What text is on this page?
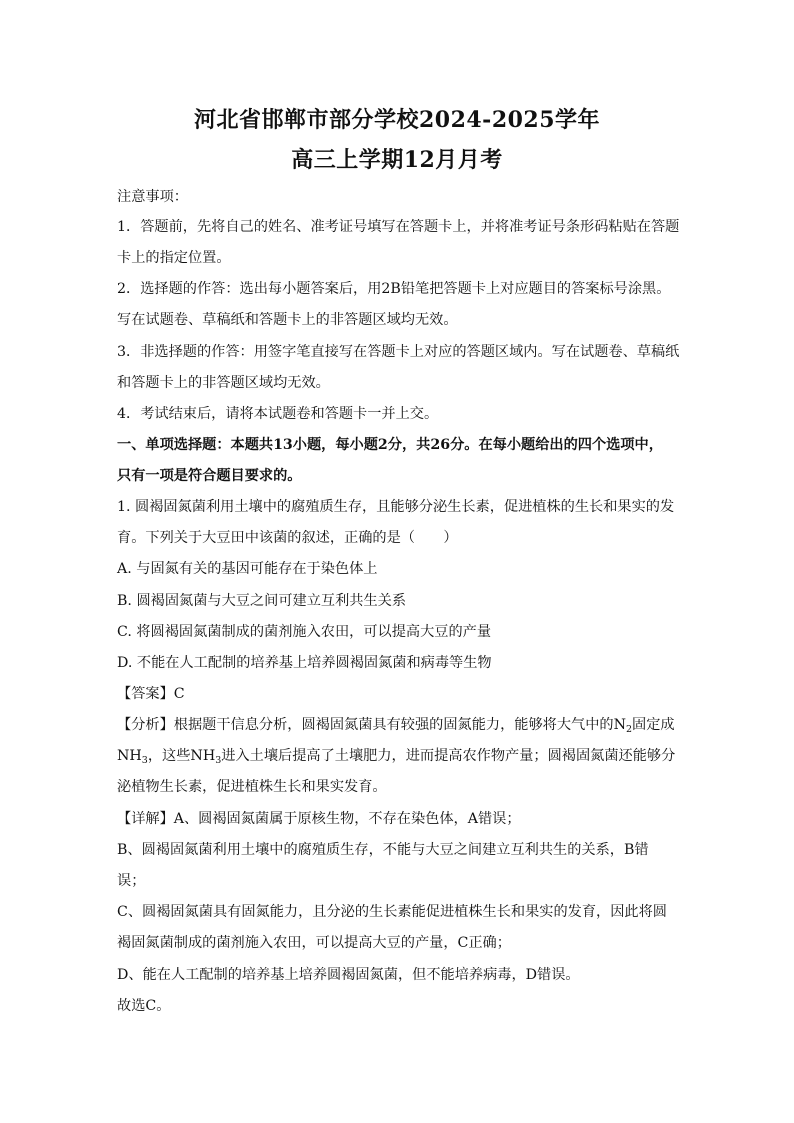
河北省邯郸市部分学校2024-2025学年
高三上学期12月月考
注意事项：
1．答题前，先将自己的姓名、准考证号填写在答题卡上，并将准考证号条形码粘贴在答题
卡上的指定位置。
2．选择题的作答：选出每小题答案后，用2B铅笔把答题卡上对应题目的答案标号涂黑。
写在试题卷、草稿纸和答题卡上的非答题区域均无效。
3．非选择题的作答：用签字笔直接写在答题卡上对应的答题区域内。写在试题卷、草稿纸
和答题卡上的非答题区域均无效。
4．考试结束后，请将本试题卷和答题卡一并上交。
一、单项选择题：本题共13小题，每小题2分，共26分。在每小题给出的四个选项中，
只有一项是符合题目要求的。
1. 圆褐固氮菌利用土壤中的腐殖质生存，且能够分泌生长素，促进植株的生长和果实的发
育。下列关于大豆田中该菌的叙述，正确的是（　　）
A. 与固氮有关的基因可能存在于染色体上
B. 圆褐固氮菌与大豆之间可建立互利共生关系
C. 将圆褐固氮菌制成的菌剂施入农田，可以提高大豆的产量
D. 不能在人工配制的培养基上培养圆褐固氮菌和病毒等生物
【答案】C
【分析】根据题干信息分析，圆褐固氮菌具有较强的固氮能力，能够将大气中的$N_2$固定成
$NH_3$，这些$NH_3$进入土壤后提高了土壤肥力，进而提高农作物产量；圆褐固氮菌还能够分
泌植物生长素，促进植株生长和果实发育。
【详解】A、圆褐固氮菌属于原核生物，不存在染色体，A错误；
B、圆褐固氮菌利用土壤中的腐殖质生存，不能与大豆之间建立互利共生的关系，B错
误；
C、圆褐固氮菌具有固氮能力，且分泌的生长素能促进植株生长和果实的发育，因此将圆
褐固氮菌制成的菌剂施入农田，可以提高大豆的产量，C正确；
D、能在人工配制的培养基上培养圆褐固氮菌，但不能培养病毒，D错误。
故选C。
